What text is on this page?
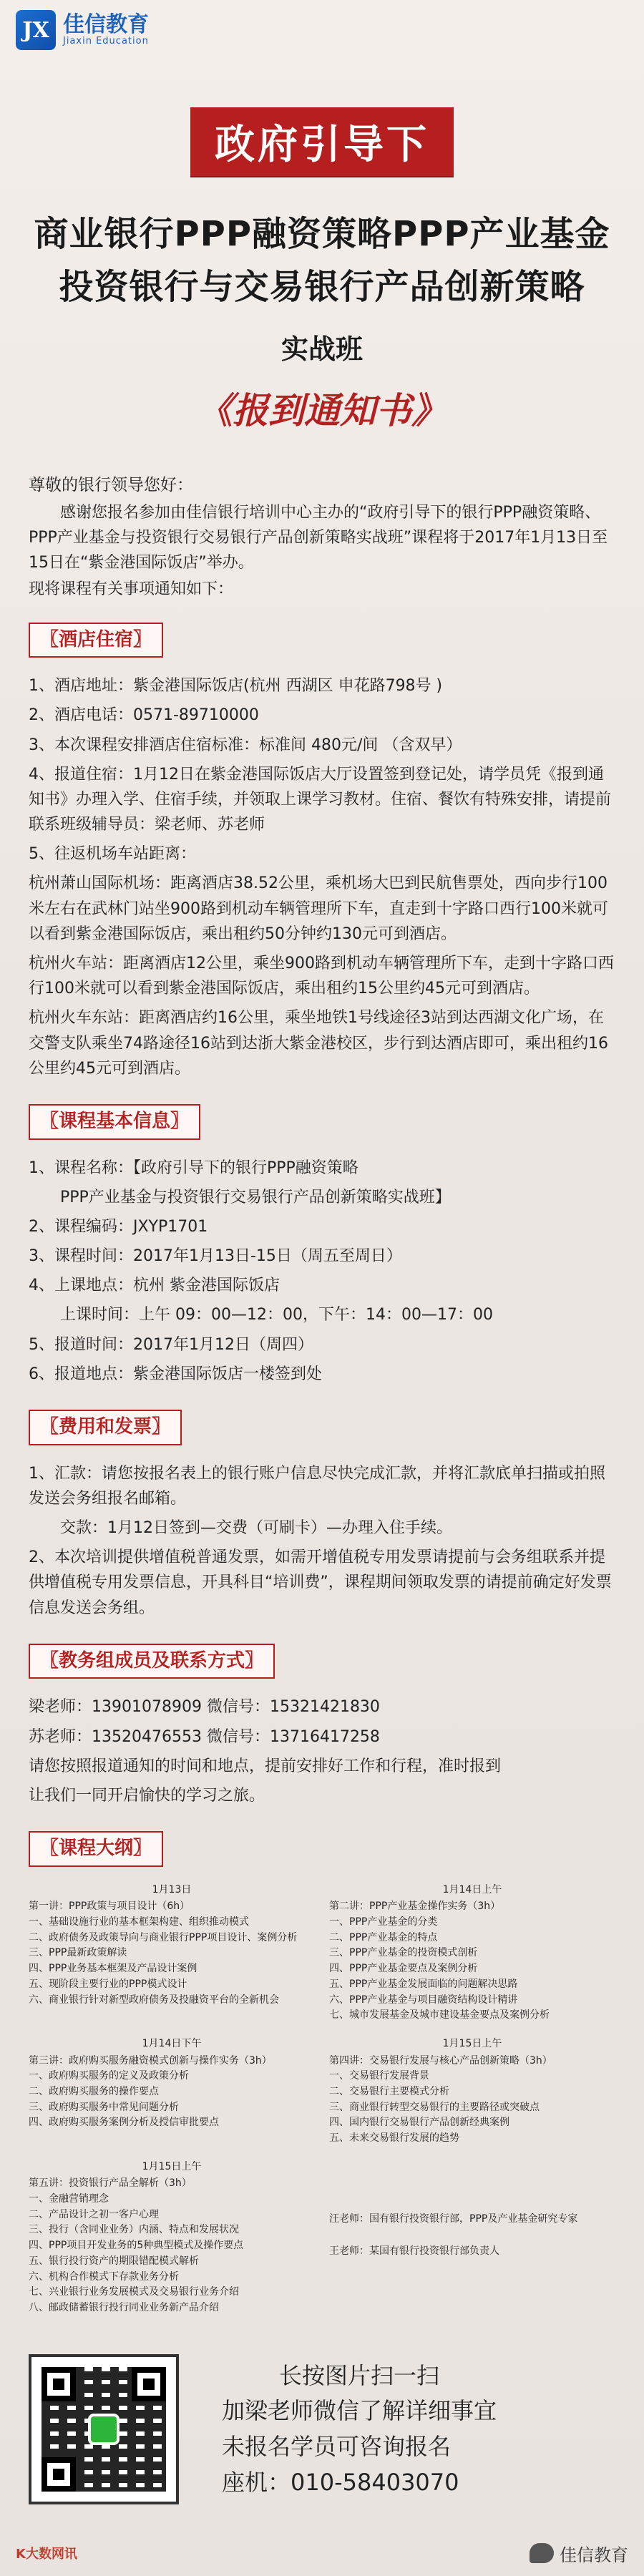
JX 佳信教育
Jiaxin Education
政府引导下
商业银行PPP融资策略PPP产业基金
投资银行与交易银行产品创新策略
实战班
《报到通知书》

尊敬的银行领导您好：

感谢您报名参加由佳信银行培训中心主办的“政府引导下的银行PPP融资策略、PPP产业基金与投资银行交易银行产品创新策略实战班”课程将于2017年1月13日至15日在“紫金港国际饭店”举办。

现将课程有关事项通知如下：

〖酒店住宿〗

1、酒店地址：紫金港国际饭店(杭州 西湖区 申花路798号 )

2、酒店电话：0571-89710000

3、本次课程安排酒店住宿标准：标准间 480元/间 （含双早）

4、报道住宿：1月12日在紫金港国际饭店大厅设置签到登记处，请学员凭《报到通知书》办理入学、住宿手续，并领取上课学习教材。住宿、餐饮有特殊安排，请提前联系班级辅导员：梁老师、苏老师

5、往返机场车站距离：

杭州萧山国际机场：距离酒店38.52公里，乘机场大巴到民航售票处，西向步行100米左右在武林门站坐900路到机动车辆管理所下车，直走到十字路口西行100米就可以看到紫金港国际饭店，乘出租约50分钟约130元可到酒店。

杭州火车站：距离酒店12公里，乘坐900路到机动车辆管理所下车，走到十字路口西行100米就可以看到紫金港国际饭店，乘出租约15公里约45元可到酒店。

杭州火车东站：距离酒店约16公里，乘坐地铁1号线途径3站到达西湖文化广场，在交警支队乘坐74路途径16站到达浙大紫金港校区，步行到达酒店即可，乘出租约16公里约45元可到酒店。

〖课程基本信息〗

1、课程名称：【政府引导下的银行PPP融资策略

PPP产业基金与投资银行交易银行产品创新策略实战班】

2、课程编码：JXYP1701

3、课程时间：2017年1月13日-15日（周五至周日）

4、上课地点：杭州 紫金港国际饭店

上课时间：上午 09：00—12：00，下午：14：00—17：00

5、报道时间：2017年1月12日（周四）

6、报道地点：紫金港国际饭店一楼签到处

〖费用和发票〗

1、汇款：请您按报名表上的银行账户信息尽快完成汇款，并将汇款底单扫描或拍照发送会务组报名邮箱。

交款：1月12日签到—交费（可刷卡）—办理入住手续。

2、本次培训提供增值税普通发票，如需开增值税专用发票请提前与会务组联系并提供增值税专用发票信息，开具科目“培训费”，课程期间领取发票的请提前确定好发票信息发送会务组。

〖教务组成员及联系方式〗

梁老师：13901078909 微信号：15321421830

苏老师：13520476553 微信号：13716417258

请您按照报道通知的时间和地点，提前安排好工作和行程，准时报到

让我们一同开启愉快的学习之旅。

〖课程大纲〗
1月13日
第一讲：PPP政策与项目设计（6h）
一、基础设施行业的基本框架构建、组织推动模式
二、政府债务及政策导向与商业银行PPP项目设计、案例分析
三、PPP最新政策解读
四、PPP业务基本框架及产品设计案例
五、现阶段主要行业的PPP模式设计
六、商业银行针对新型政府债务及投融资平台的全新机会
1月14日上午
第二讲：PPP产业基金操作实务（3h）
一、PPP产业基金的分类
二、PPP产业基金的特点
三、PPP产业基金的投资模式剖析
四、PPP产业基金要点及案例分析
五、PPP产业基金发展面临的问题解决思路
六、PPP产业基金与项目融资结构设计精讲
七、城市发展基金及城市建设基金要点及案例分析
1月14日下午
第三讲：政府购买服务融资模式创新与操作实务（3h）
一、政府购买服务的定义及政策分析
二、政府购买服务的操作要点
三、政府购买服务中常见问题分析
四、政府购买服务案例分析及授信审批要点
1月15日上午
第四讲：交易银行发展与核心产品创新策略（3h）
一、交易银行发展背景
二、交易银行主要模式分析
三、商业银行转型交易银行的主要路径或突破点
四、国内银行交易银行产品创新经典案例
五、未来交易银行发展的趋势
1月15日上午
第五讲：投资银行产品全解析（3h）
一、金融营销理念
二、产品设计之初一客户心理
三、投行（含同业业务）内涵、特点和发展状况
四、PPP项目开发业务的5种典型模式及操作要点
五、银行投行资产的期限错配模式解析
六、机构合作模式下存款业务分析
七、兴业银行业务发展模式及交易银行业务介绍
八、邮政储蓄银行投行同业业务新产品介绍
汪老师：国有银行投资银行部，PPP及产业基金研究专家
王老师：某国有银行投资银行部负责人
长按图片扫一扫
加梁老师微信了解详细事宜
未报名学员可咨询报名
座机：010-58403070
K大数网讯	佳信教育
